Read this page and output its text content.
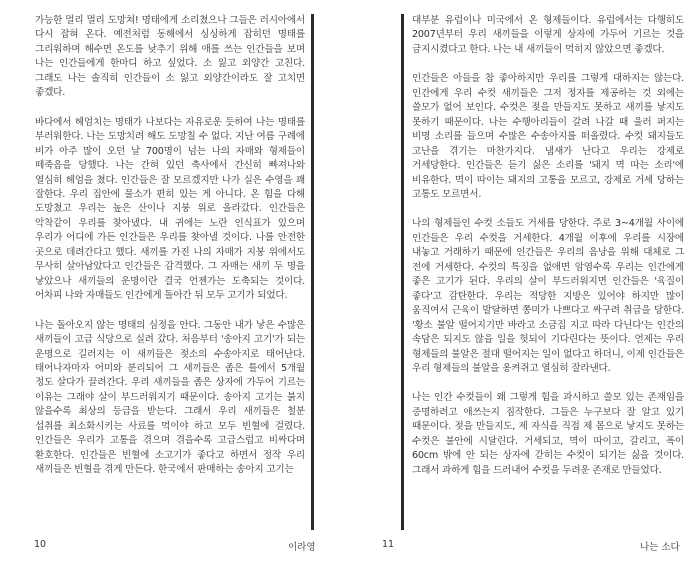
가능한 멀리 멀리 도망쳐! 명태에게 소리쳤으나 그들은 러시아에서 다시 잡혀 온다. 예전처럼 동해에서 싱싱하게 잡히던 명태를 그리워하며 해수면 온도를 낮추기 위해 애를 쓰는 인간들을 보며 나는 인간들에게 한마디 하고 싶었다. 소 잃고 외양간 고친다. 그래도 나는 솔직히 인간들이 소 잃고 외양간이라도 잘 고치면 좋겠다.

바다에서 헤엄치는 명태가 나보다는 자유로운 듯하여 나는 명태를 부러워한다. 나는 도망치려 해도 도망칠 수 없다. 지난 여름 구례에 비가 아주 많이 오던 날 700명이 넘는 나의 자매와 형제들이 떼죽음을 당했다. 나는 간혀 있던 축사에서 간신히 빠져나와 열심히 헤엄을 쳤다. 인간들은 잘 모르겠지만 나가 실은 수영을 꽤 잘한다. 우리 집안에 물소가 편히 있는 게 아니다. 온 힘을 다해 도망쳤고 우리는 높은 산이나 지붕 위로 올라갔다. 인간들은 악착같이 우리를 찾아냈다. 내 귀에는 노란 인식표가 있으며 우리가 어디에 가든 인간들은 우리를 찾아낼 것이다. 나를 안전한 곳으로 데려간다고 했다. 새끼를 가진 나의 자매가 지붕 위에서도 무사히 살아남았다고 인간들은 감격했다. 그 자매는 새끼 두 명을 낳았으나 새끼들의 운명이란 결국 언젠가는 도축되는 것이다. 어차피 나와 자매들도 인간에게 돌아간 뒤 모두 고기가 되었다.

나는 돌아오지 않는 명태의 심정을 안다. 그동안 내가 낳은 수많은 새끼들이 고급 식당으로 실려 갔다. 처음부터 '송아지 고기'가 되는 운명으로 길러지는 이 새끼들은 젖소의 수송아지로 태어난다. 태어나자마자 어미와 분리되어 그 새끼들은 좁은 틀에서 5개월 정도 살다가 끌려간다. 우리 새끼들을 좁은 상자에 가두어 기르는 이유는 그래야 살이 부드러워지기 때문이다. 송아지 고기는 붉지 않을수록 최상의 등급을 받는다. 그래서 우리 새끼들은 철분 섭취를 최소화시키는 사료를 먹이야 하고 모두 빈혈에 걸렸다. 인간들은 우리가 고통을 겪으며 겪을수록 고급스럽고 비싸다며 환호한다. 인간들은 빈혈에 소고기가 좋다고 하면서 정작 우리 새끼들은 빈혈을 겪게 만든다. 한국에서 판매하는 송아지 고기는

10	이라영

대부분 유럽이나 미국에서 온 형제들이다. 유럽에서는 다행히도 2007년부터 우리 새끼들을 이렇게 상자에 가두어 기르는 것을 금지시켰다고 한다. 나는 내 새끼들이 먹히지 않았으면 좋겠다.

인간들은 아들을 참 좋아하지만 우리를 그렇게 대하지는 않는다. 인간에게 우리 수컷 새끼들은 그저 정자를 제공하는 것 외에는 쓸모가 없어 보인다. 수컷은 젖을 만들지도 못하고 새끼를 낳지도 못하기 때문이다. 나는 수행아리들이 갈려 나갈 때 울러 퍼지는 비명 소리를 들으며 수많은 수송아지를 떠올렸다. 수컷 돼지들도 고난을 겪기는 마찬가지다. 냄새가 난다고 우리는 강제로 거세당한다. 인간들은 듣기 싫은 소리를 '돼지 멱 따는 소리'에 비유한다. 멱이 따이는 돼지의 고통을 모르고, 강제로 거세 당하는 고통도 모르면서.

나의 형제들인 수컷 소들도 거세를 당한다. 주로 3~4개월 사이에 인간들은 우리 수컷을 거세한다. 4개월 이후에 우리를 시장에 내놓고 거래하기 때문에 인간들은 우리의 음낭을 위해 대체로 그 전에 거세한다. 수컷의 특징을 없애면 암염수록 우리는 인간에게 좋은 고기가 된다. 우리의 살이 부드러워지면 인간들은 '육질이 좋다'고 감탄한다. 우리는 적당한 지방은 있어야 하지만 많이 움직여서 근육이 발달하면 쫑미가 나쁘다고 싸구려 취급을 당한다. '황소 불알 떨어지기만 바라고 소금집 지고 따라 다닌다'는 인간의 속담은 되지도 않을 일을 헛되이 기다린다는 뜻이다. 언제는 우리 형제들의 불알은 절대 떨어지는 일이 없다고 하더니, 이제 인간들은 우리 형제들의 불알을 옹켜쥐고 열심히 잘라낸다.

나는 인간 수컷들이 왜 그렇게 힘을 과시하고 쓸모 있는 존재임을 증명하려고 애쓰는지 짐작한다. 그들은 누구보다 잘 알고 있기 때문이다. 젖을 만들지도, 제 자식을 직접 제 몸으로 낳지도 못하는 수컷은 불안에 시달린다. 거세되고, 멱이 따이고, 갈리고, 폭이 60cm 밖에 안 되는 상자에 갇히는 수컷이 되기는 싫을 것이다. 그래서 과하게 힘을 드러내어 수컷을 두려운 존재로 만들었다.

11	나는 소다
